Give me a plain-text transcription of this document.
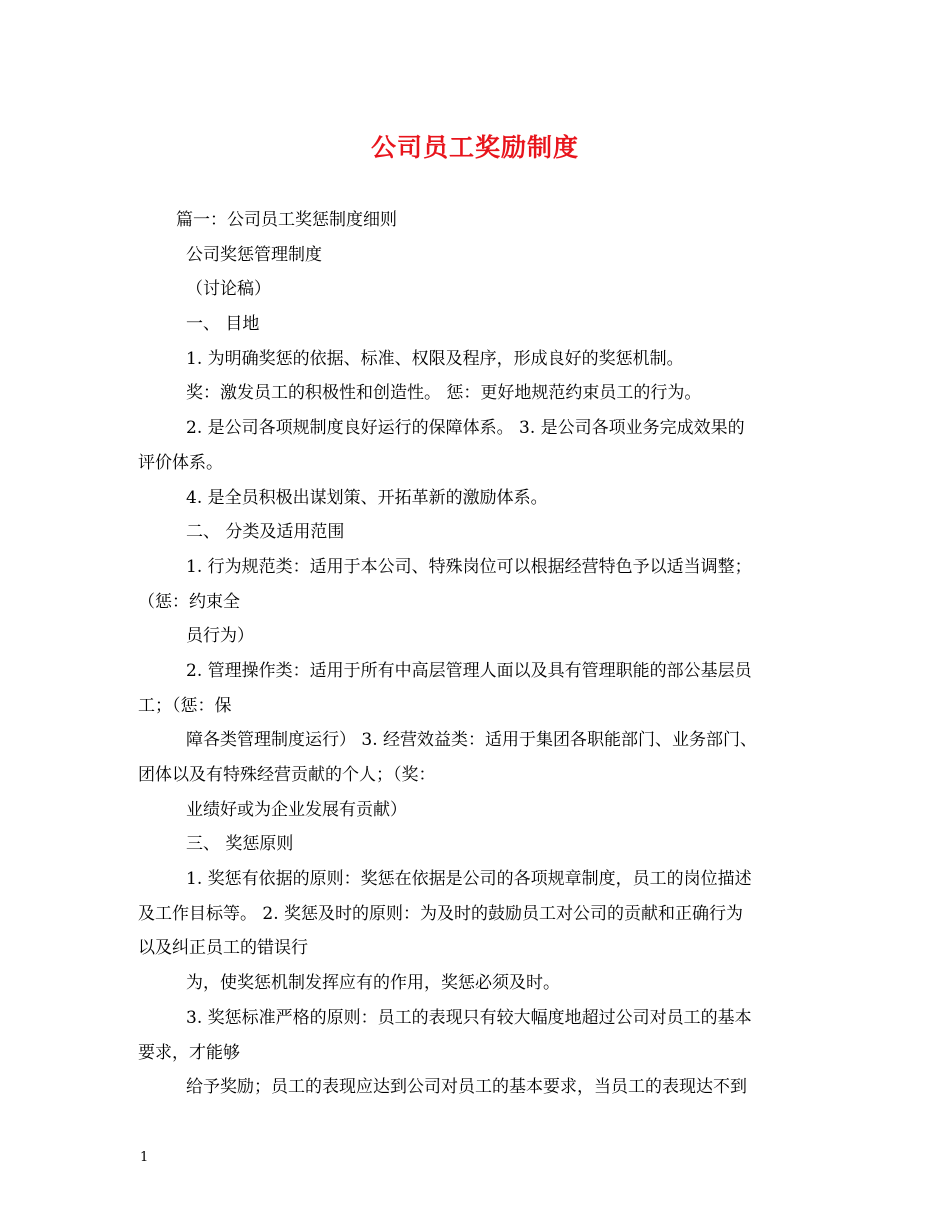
公司员工奖励制度
篇一：公司员工奖惩制度细则
公司奖惩管理制度
（讨论稿）
一、 目地
1. 为明确奖惩的依据、标准、权限及程序，形成良好的奖惩机制。
奖：激发员工的积极性和创造性。 惩：更好地规范约束员工的行为。
2. 是公司各项规制度良好运行的保障体系。 3. 是公司各项业务完成效果的
评价体系。
4. 是全员积极出谋划策、开拓革新的激励体系。
二、 分类及适用范围
1. 行为规范类：适用于本公司、特殊岗位可以根据经营特色予以适当调整；
（惩：约束全
员行为）
2. 管理操作类：适用于所有中高层管理人面以及具有管理职能的部公基层员
工；（惩：保
障各类管理制度运行） 3. 经营效益类：适用于集团各职能部门、业务部门、
团体以及有特殊经营贡献的个人；（奖：
业绩好或为企业发展有贡献）
三、 奖惩原则
1. 奖惩有依据的原则：奖惩在依据是公司的各项规章制度，员工的岗位描述
及工作目标等。 2. 奖惩及时的原则：为及时的鼓励员工对公司的贡献和正确行为
以及纠正员工的错误行
为，使奖惩机制发挥应有的作用，奖惩必须及时。
3. 奖惩标准严格的原则：员工的表现只有较大幅度地超过公司对员工的基本
要求，才能够
给予奖励；员工的表现应达到公司对员工的基本要求，当员工的表现达不到
1
